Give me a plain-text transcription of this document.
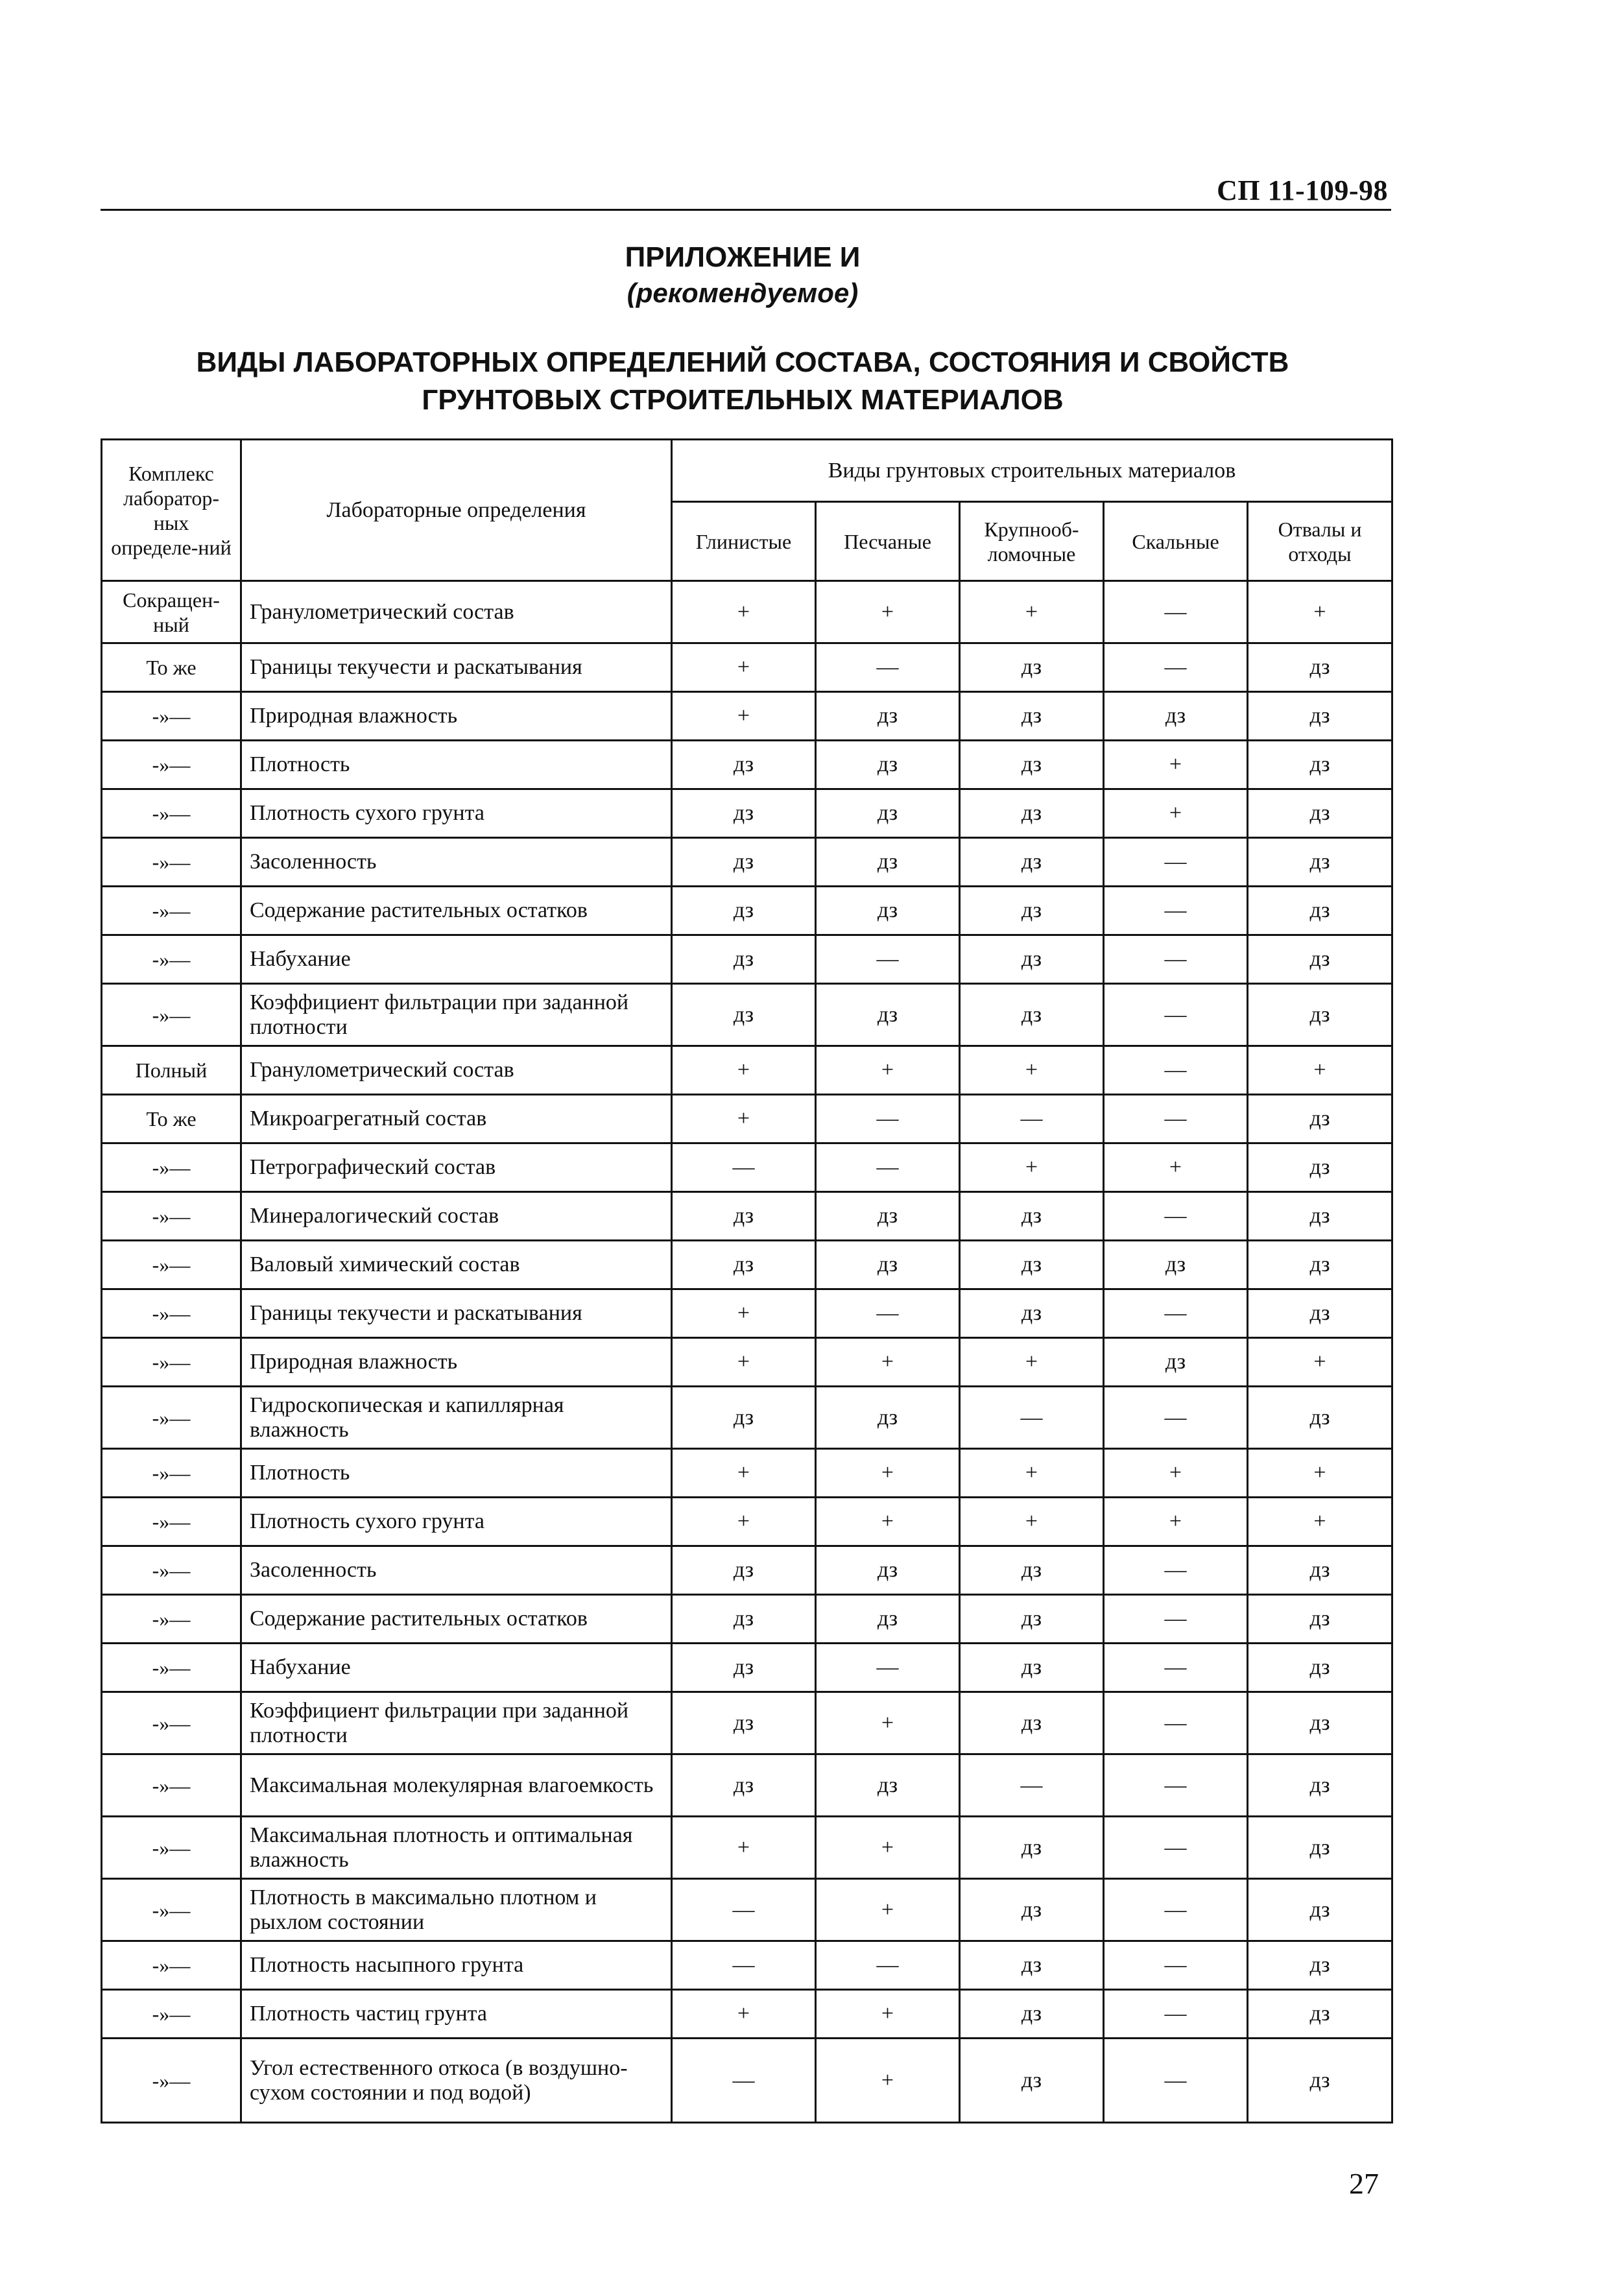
СП 11-109-98
ПРИЛОЖЕНИЕ И
(рекомендуемое)
ВИДЫ ЛАБОРАТОРНЫХ ОПРЕДЕЛЕНИЙ СОСТАВА, СОСТОЯНИЯ И СВОЙСТВ
ГРУНТОВЫХ СТРОИТЕЛЬНЫХ МАТЕРИАЛОВ
Комплекс лаборатор-ных определе-ний	Лабораторные определения	Виды грунтовых строительных материалов				
		Глинистые	Песчаные	Крупнооб-ломочные	Скальные	Отвалы и отходы
Сокращен-ный	Гранулометрический состав	+	+	+	—	+
То же	Границы текучести и раскатывания	+	—	дз	—	дз
-»—	Природная влажность	+	дз	дз	дз	дз
-»—	Плотность	дз	дз	дз	+	дз
-»—	Плотность сухого грунта	дз	дз	дз	+	дз
-»—	Засоленность	дз	дз	дз	—	дз
-»—	Содержание растительных остатков	дз	дз	дз	—	дз
-»—	Набухание	дз	—	дз	—	дз
-»—	Коэффициент фильтрации при заданной плотности	дз	дз	дз	—	дз
Полный	Гранулометрический состав	+	+	+	—	+
То же	Микроагрегатный состав	+	—	—	—	дз
-»—	Петрографический состав	—	—	+	+	дз
-»—	Минералогический состав	дз	дз	дз	—	дз
-»—	Валовый химический состав	дз	дз	дз	дз	дз
-»—	Границы текучести и раскатывания	+	—	дз	—	дз
-»—	Природная влажность	+	+	+	дз	+
-»—	Гидроскопическая и капиллярная влажность	дз	дз	—	—	дз
-»—	Плотность	+	+	+	+	+
-»—	Плотность сухого грунта	+	+	+	+	+
-»—	Засоленность	дз	дз	дз	—	дз
-»—	Содержание растительных остатков	дз	дз	дз	—	дз
-»—	Набухание	дз	—	дз	—	дз
-»—	Коэффициент фильтрации при заданной плотности	дз	+	дз	—	дз
-»—	Максимальная молекулярная влагоемкость	дз	дз	—	—	дз
-»—	Максимальная плотность и оптимальная влажность	+	+	дз	—	дз
-»—	Плотность в максимально плотном и рыхлом состоянии	—	+	дз	—	дз
-»—	Плотность насыпного грунта	—	—	дз	—	дз
-»—	Плотность частиц грунта	+	+	дз	—	дз
-»—	Угол естественного откоса (в воздушно-сухом состоянии и под водой)	—	+	дз	—	дз
27
